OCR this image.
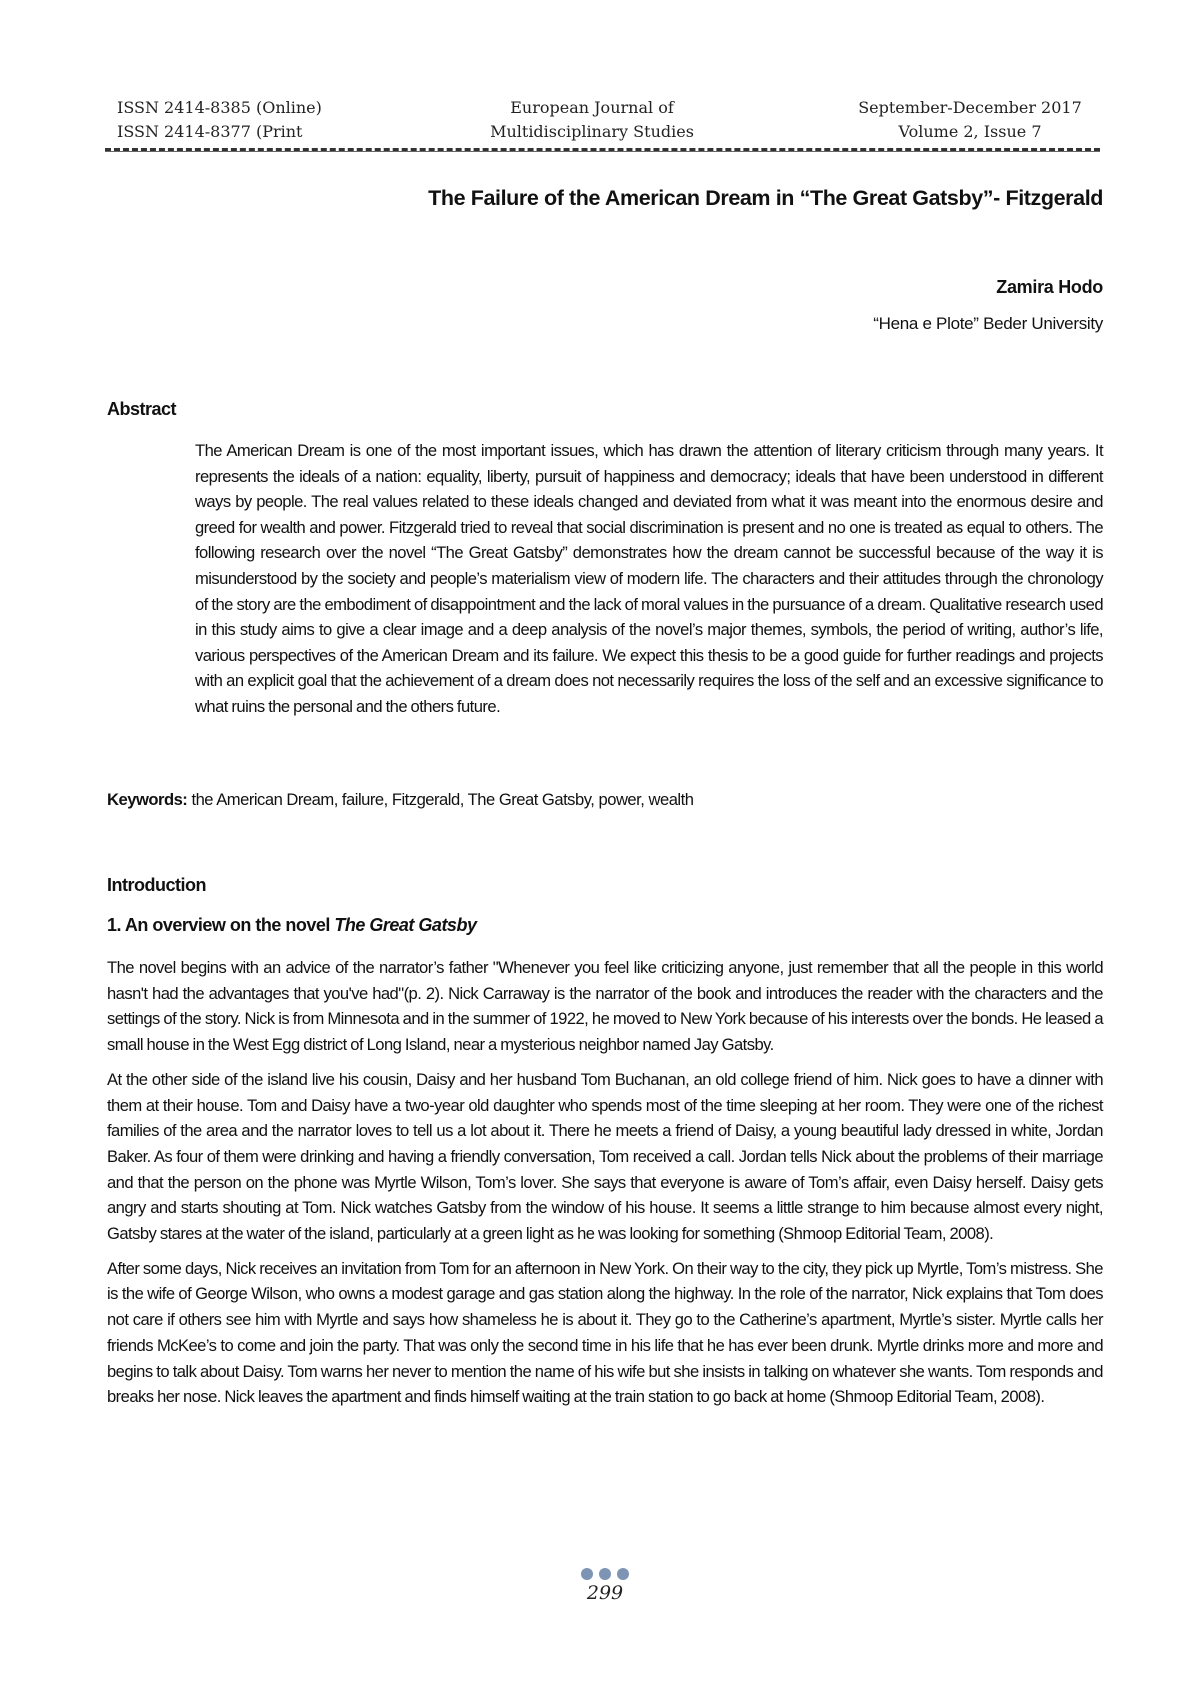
ISSN 2414-8385 (Online)
ISSN 2414-8377 (Print
European Journal of
Multidisciplinary Studies
September-December 2017
Volume 2, Issue 7
The Failure of the American Dream in “The Great Gatsby”- Fitzgerald
Zamira Hodo
“Hena e Plote” Beder University
Abstract
The American Dream is one of the most important issues, which has drawn the attention of literary criticism through many years. It represents the ideals of a nation: equality, liberty, pursuit of happiness and democracy; ideals that have been understood in different ways by people. The real values related to these ideals changed and deviated from what it was meant into the enormous desire and greed for wealth and power. Fitzgerald tried to reveal that social discrimination is present and no one is treated as equal to others. The following research over the novel “The Great Gatsby” demonstrates how the dream cannot be successful because of the way it is misunderstood by the society and people’s materialism view of modern life. The characters and their attitudes through the chronology of the story are the embodiment of disappointment and the lack of moral values in the pursuance of a dream. Qualitative research used in this study aims to give a clear image and a deep analysis of the novel’s major themes, symbols, the period of writing, author’s life, various perspectives of the American Dream and its failure. We expect this thesis to be a good guide for further readings and projects with an explicit goal that the achievement of a dream does not necessarily requires the loss of the self and an excessive significance to what ruins the personal and the others future.
Keywords: the American Dream, failure, Fitzgerald, The Great Gatsby, power, wealth
Introduction
1. An overview on the novel The Great Gatsby

The novel begins with an advice of the narrator’s father "Whenever you feel like criticizing anyone, just remember that all the people in this world hasn't had the advantages that you've had"(p. 2). Nick Carraway is the narrator of the book and introduces the reader with the characters and the settings of the story. Nick is from Minnesota and in the summer of 1922, he moved to New York because of his interests over the bonds. He leased a small house in the West Egg district of Long Island, near a mysterious neighbor named Jay Gatsby.

At the other side of the island live his cousin, Daisy and her husband Tom Buchanan, an old college friend of him. Nick goes to have a dinner with them at their house. Tom and Daisy have a two-year old daughter who spends most of the time sleeping at her room. They were one of the richest families of the area and the narrator loves to tell us a lot about it. There he meets a friend of Daisy, a young beautiful lady dressed in white, Jordan Baker. As four of them were drinking and having a friendly conversation, Tom received a call. Jordan tells Nick about the problems of their marriage and that the person on the phone was Myrtle Wilson, Tom’s lover. She says that everyone is aware of Tom’s affair, even Daisy herself. Daisy gets angry and starts shouting at Tom. Nick watches Gatsby from the window of his house. It seems a little strange to him because almost every night, Gatsby stares at the water of the island, particularly at a green light as he was looking for something (Shmoop Editorial Team, 2008).

After some days, Nick receives an invitation from Tom for an afternoon in New York. On their way to the city, they pick up Myrtle, Tom’s mistress. She is the wife of George Wilson, who owns a modest garage and gas station along the highway. In the role of the narrator, Nick explains that Tom does not care if others see him with Myrtle and says how shameless he is about it. They go to the Catherine’s apartment, Myrtle’s sister. Myrtle calls her friends McKee’s to come and join the party. That was only the second time in his life that he has ever been drunk. Myrtle drinks more and more and begins to talk about Daisy. Tom warns her never to mention the name of his wife but she insists in talking on whatever she wants. Tom responds and breaks her nose. Nick leaves the apartment and finds himself waiting at the train station to go back at home (Shmoop Editorial Team, 2008).

299
